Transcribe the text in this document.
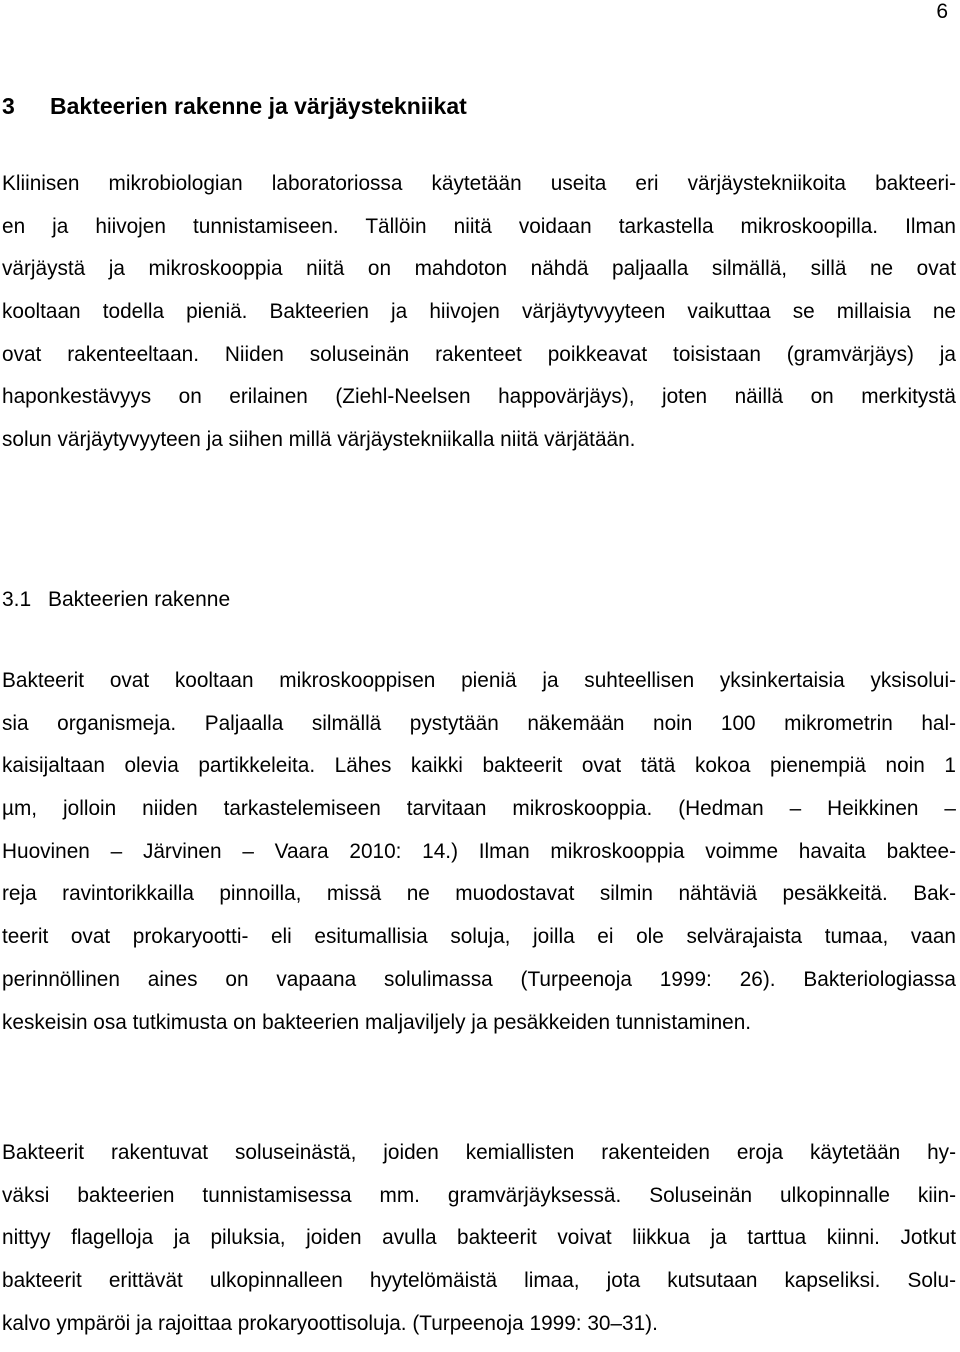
6
3 Bakteerien rakenne ja värjäystekniikat
Kliinisen mikrobiologian laboratoriossa käytetään useita eri värjäystekniikoita bakteeri-
en ja hiivojen tunnistamiseen. Tällöin niitä voidaan tarkastella mikroskoopilla. Ilman
värjäystä ja mikroskooppia niitä on mahdoton nähdä paljaalla silmällä, sillä ne ovat
kooltaan todella pieniä. Bakteerien ja hiivojen värjäytyvyyteen vaikuttaa se millaisia ne
ovat rakenteeltaan. Niiden soluseinän rakenteet poikkeavat toisistaan (gramvärjäys) ja
haponkestävyys on erilainen (Ziehl-Neelsen happovärjäys), joten näillä on merkitystä
solun värjäytyvyyteen ja siihen millä värjäystekniikalla niitä värjätään.
3.1 Bakteerien rakenne
Bakteerit ovat kooltaan mikroskooppisen pieniä ja suhteellisen yksinkertaisia yksisolui-
sia organismeja. Paljaalla silmällä pystytään näkemään noin 100 mikrometrin hal-
kaisijaltaan olevia partikkeleita. Lähes kaikki bakteerit ovat tätä kokoa pienempiä noin 1
µm, jolloin niiden tarkastelemiseen tarvitaan mikroskooppia. (Hedman – Heikkinen –
Huovinen – Järvinen – Vaara 2010: 14.) Ilman mikroskooppia voimme havaita baktee-
reja ravintorikkailla pinnoilla, missä ne muodostavat silmin nähtäviä pesäkkeitä. Bak-
teerit ovat prokaryootti- eli esitumallisia soluja, joilla ei ole selvärajaista tumaa, vaan
perinnöllinen aines on vapaana solulimassa (Turpeenoja 1999: 26). Bakteriologiassa
keskeisin osa tutkimusta on bakteerien maljaviljely ja pesäkkeiden tunnistaminen.
Bakteerit rakentuvat soluseinästä, joiden kemiallisten rakenteiden eroja käytetään hy-
väksi bakteerien tunnistamisessa mm. gramvärjäyksessä. Soluseinän ulkopinnalle kiin-
nittyy flagelloja ja piluksia, joiden avulla bakteerit voivat liikkua ja tarttua kiinni. Jotkut
bakteerit erittävät ulkopinnalleen hyytelömäistä limaa, jota kutsutaan kapseliksi. Solu-
kalvo ympäröi ja rajoittaa prokaryoottisoluja. (Turpeenoja 1999: 30–31).
